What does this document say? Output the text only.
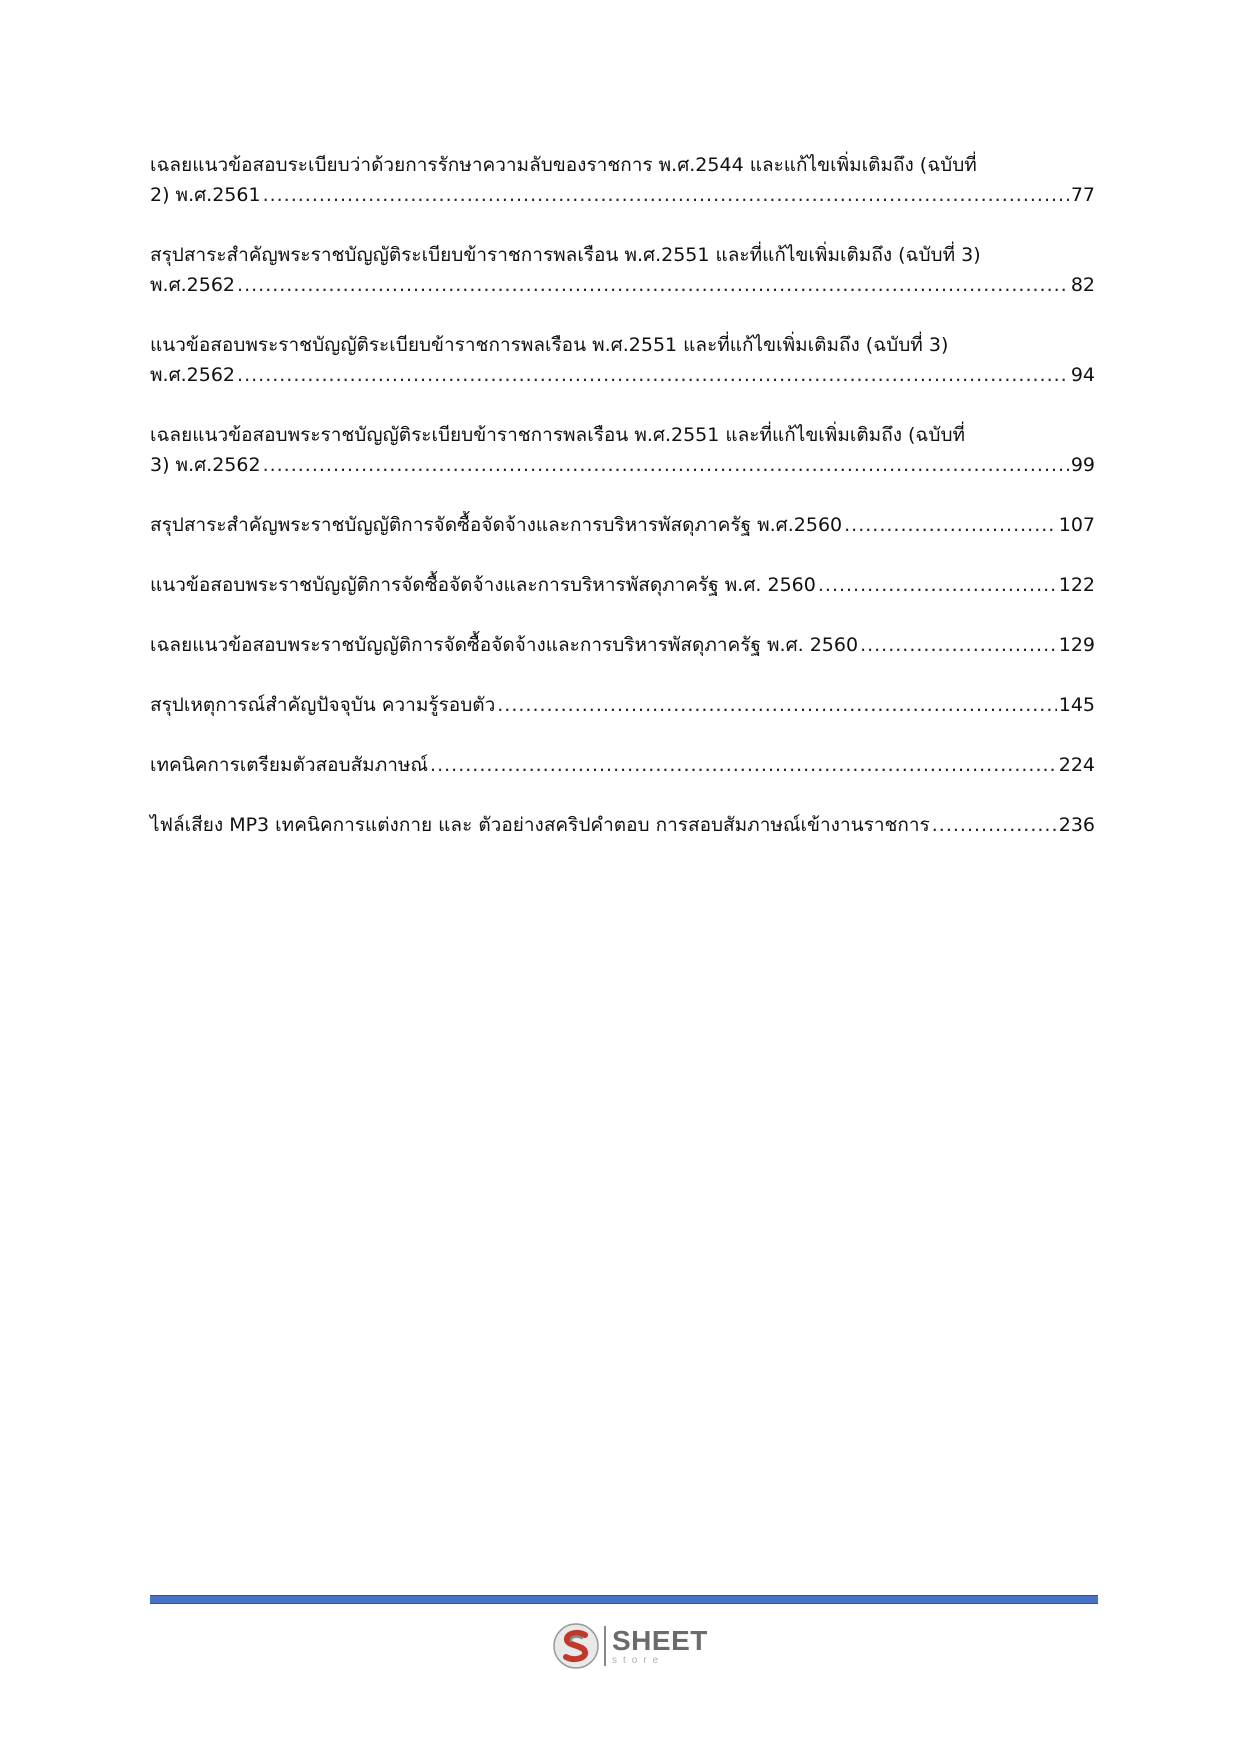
เฉลยแนวข้อสอบระเบียบว่าด้วยการรักษาความลับของราชการ พ.ศ.2544 และแก้ไขเพิ่มเติมถึง (ฉบับที่
2) พ.ศ.2561 .....	77
สรุปสาระสำคัญพระราชบัญญัติระเบียบข้าราชการพลเรือน พ.ศ.2551 และที่แก้ไขเพิ่มเติมถึง (ฉบับที่ 3)
พ.ศ.2562 .....	82
แนวข้อสอบพระราชบัญญัติระเบียบข้าราชการพลเรือน พ.ศ.2551 และที่แก้ไขเพิ่มเติมถึง (ฉบับที่ 3)
พ.ศ.2562 .....	94
เฉลยแนวข้อสอบพระราชบัญญัติระเบียบข้าราชการพลเรือน พ.ศ.2551 และที่แก้ไขเพิ่มเติมถึง (ฉบับที่
3) พ.ศ.2562 .....	99
สรุปสาระสำคัญพระราชบัญญัติการจัดซื้อจัดจ้างและการบริหารพัสดุภาครัฐ พ.ศ.2560 .....	107
แนวข้อสอบพระราชบัญญัติการจัดซื้อจัดจ้างและการบริหารพัสดุภาครัฐ พ.ศ. 2560 .....	122
เฉลยแนวข้อสอบพระราชบัญญัติการจัดซื้อจัดจ้างและการบริหารพัสดุภาครัฐ พ.ศ. 2560 .....	129
สรุปเหตุการณ์สำคัญปัจจุบัน ความรู้รอบตัว .....	145
เทคนิคการเตรียมตัวสอบสัมภาษณ์ .....	224
ไฟล์เสียง MP3 เทคนิคการแต่งกาย และ ตัวอย่างสคริปคำตอบ การสอบสัมภาษณ์เข้างานราชการ .....	236
SHEET
store
